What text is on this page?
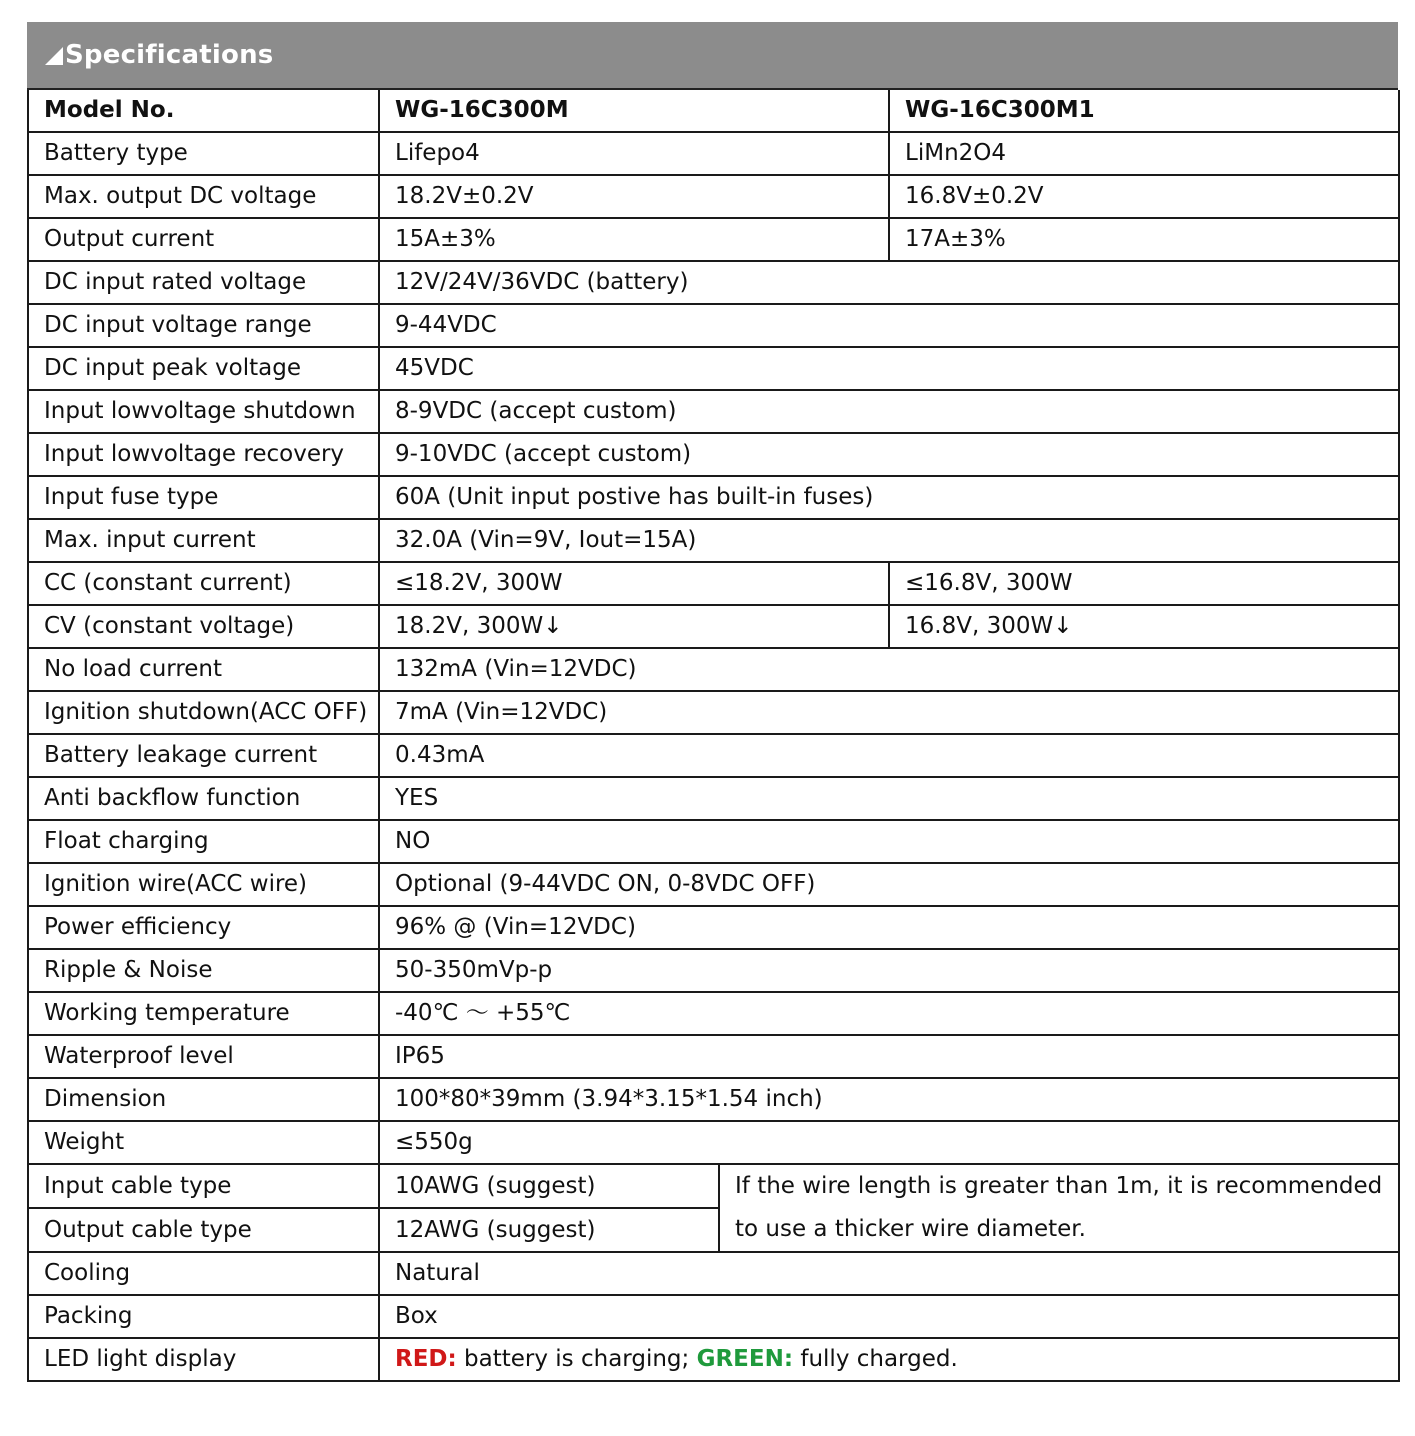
Specifications
Model No.	WG-16C300M		WG-16C300M1
Battery type	Lifepo4		LiMn2O4
Max. output DC voltage	18.2V±0.2V		16.8V±0.2V
Output current	15A±3%		17A±3%
DC input rated voltage	12V/24V/36VDC (battery)		
DC input voltage range	9-44VDC		
DC input peak voltage	45VDC		
Input lowvoltage shutdown	8-9VDC (accept custom)		
Input lowvoltage recovery	9-10VDC (accept custom)		
Input fuse type	60A (Unit input postive has built-in fuses)		
Max. input current	32.0A (Vin=9V, Iout=15A)		
CC (constant current)	≤18.2V, 300W		≤16.8V, 300W
CV (constant voltage)	18.2V, 300W↓		16.8V, 300W↓
No load current	132mA (Vin=12VDC)		
Ignition shutdown(ACC OFF)	7mA (Vin=12VDC)		
Battery leakage current	0.43mA		
Anti backflow function	YES		
Float charging	NO		
Ignition wire(ACC wire)	Optional (9-44VDC ON, 0-8VDC OFF)		
Power efficiency	96% @ (Vin=12VDC)		
Ripple & Noise	50-350mVp-p		
Working temperature	-40℃ ～ +55℃		
Waterproof level	IP65		
Dimension	100*80*39mm (3.94*3.15*1.54 inch)		
Weight	≤550g		
Input cable type	10AWG (suggest)	If the wire length is greater than 1m, it is recommended to use a thicker wire diameter.	
Output cable type	12AWG (suggest)		
Cooling	Natural		
Packing	Box		
LED light display	RED: battery is charging; GREEN: fully charged.		
